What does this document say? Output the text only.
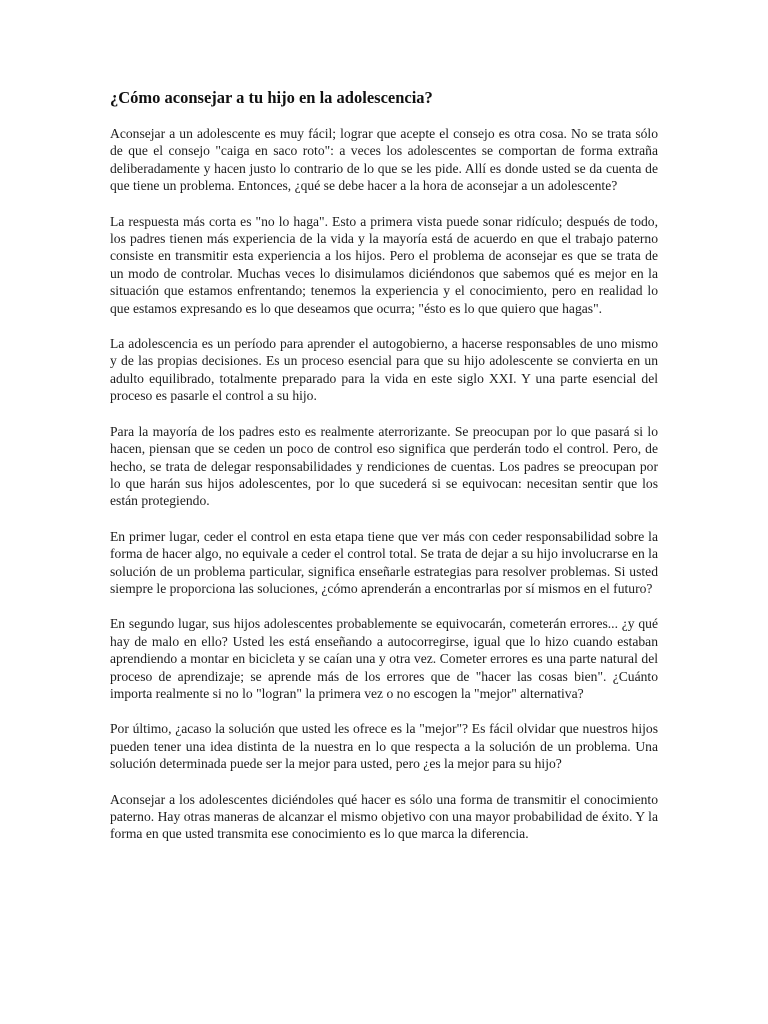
¿Cómo aconsejar a tu hijo en la adolescencia?

Aconsejar a un adolescente es muy fácil; lograr que acepte el consejo es otra cosa. No se trata sólo de que el consejo "caiga en saco roto": a veces los adolescentes se comportan de forma extraña deliberadamente y hacen justo lo contrario de lo que se les pide. Allí es donde usted se da cuenta de que tiene un problema. Entonces, ¿qué se debe hacer a la hora de aconsejar a un adolescente?

La respuesta más corta es "no lo haga". Esto a primera vista puede sonar ridículo; después de todo, los padres tienen más experiencia de la vida y la mayoría está de acuerdo en que el trabajo paterno consiste en transmitir esta experiencia a los hijos. Pero el problema de aconsejar es que se trata de un modo de controlar. Muchas veces lo disimulamos diciéndonos que sabemos qué es mejor en la situación que estamos enfrentando; tenemos la experiencia y el conocimiento, pero en realidad lo que estamos expresando es lo que deseamos que ocurra; "ésto es lo que quiero que hagas".

La adolescencia es un período para aprender el autogobierno, a hacerse responsables de uno mismo y de las propias decisiones. Es un proceso esencial para que su hijo adolescente se convierta en un adulto equilibrado, totalmente preparado para la vida en este siglo XXI. Y una parte esencial del proceso es pasarle el control a su hijo.

Para la mayoría de los padres esto es realmente aterrorizante. Se preocupan por lo que pasará si lo hacen, piensan que se ceden un poco de control eso significa que perderán todo el control. Pero, de hecho, se trata de delegar responsabilidades y rendiciones de cuentas. Los padres se preocupan por lo que harán sus hijos adolescentes, por lo que sucederá si se equivocan: necesitan sentir que los están protegiendo.

En primer lugar, ceder el control en esta etapa tiene que ver más con ceder responsabilidad sobre la forma de hacer algo, no equivale a ceder el control total. Se trata de dejar a su hijo involucrarse en la solución de un problema particular, significa enseñarle estrategias para resolver problemas. Si usted siempre le proporciona las soluciones, ¿cómo aprenderán a encontrarlas por sí mismos en el futuro?

En segundo lugar, sus hijos adolescentes probablemente se equivocarán, cometerán errores... ¿y qué hay de malo en ello? Usted les está enseñando a autocorregirse, igual que lo hizo cuando estaban aprendiendo a montar en bicicleta y se caían una y otra vez. Cometer errores es una parte natural del proceso de aprendizaje; se aprende más de los errores que de "hacer las cosas bien". ¿Cuánto importa realmente si no lo "logran" la primera vez o no escogen la "mejor" alternativa?

Por último, ¿acaso la solución que usted les ofrece es la "mejor"? Es fácil olvidar que nuestros hijos pueden tener una idea distinta de la nuestra en lo que respecta a la solución de un problema. Una solución determinada puede ser la mejor para usted, pero ¿es la mejor para su hijo?

Aconsejar a los adolescentes diciéndoles qué hacer es sólo una forma de transmitir el conocimiento paterno. Hay otras maneras de alcanzar el mismo objetivo con una mayor probabilidad de éxito. Y la forma en que usted transmita ese conocimiento es lo que marca la diferencia.
